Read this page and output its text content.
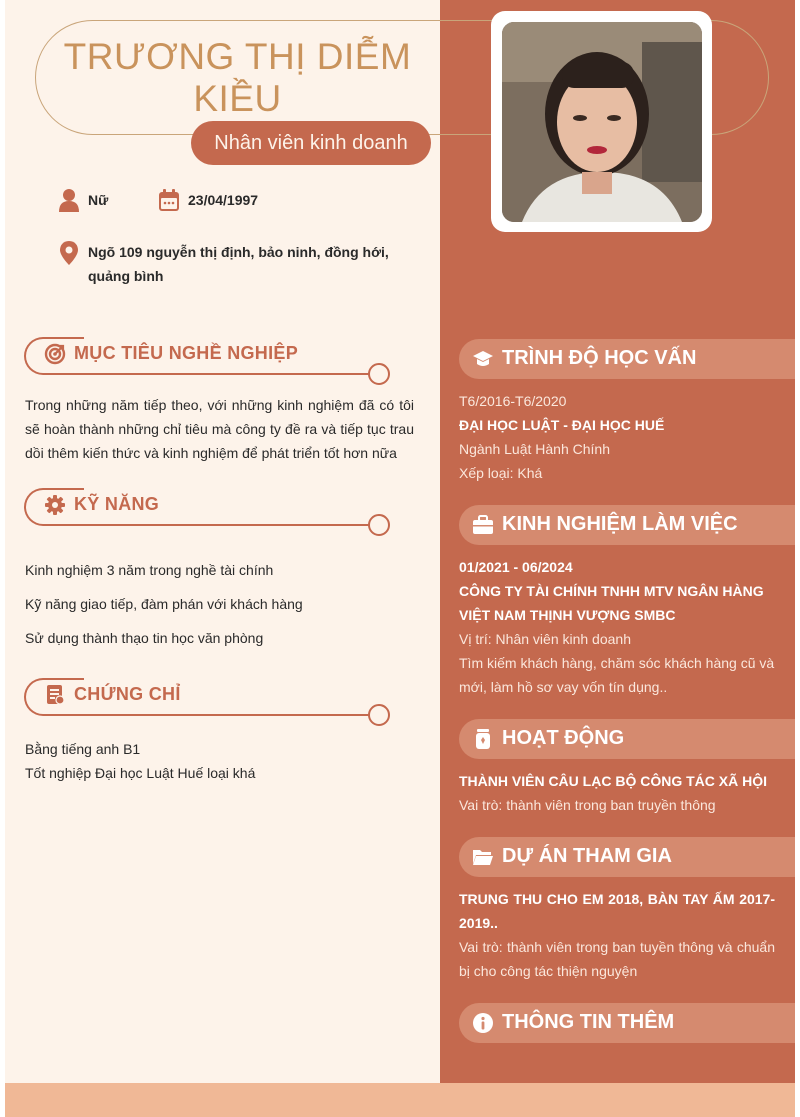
TRƯƠNG THỊ DIỄM KIỀU
Nhân viên kinh doanh
Nữ	23/04/1997
Ngõ 109 nguyễn thị định, bảo ninh, đồng hới, quảng bình
MỤC TIÊU NGHỀ NGHIỆP
Trong những năm tiếp theo, với những kinh nghiệm đã có tôi sẽ hoàn thành những chỉ tiêu mà công ty đề ra và tiếp tục trau dồi thêm kiến thức và kinh nghiệm để phát triển tốt hơn nữa
KỸ NĂNG
Kinh nghiệm 3 năm trong nghề tài chính
Kỹ năng giao tiếp, đàm phán với khách hàng
Sử dụng thành thạo tin học văn phòng
CHỨNG CHỈ
Bằng tiếng anh B1
Tốt nghiệp Đại học Luật Huế loại khá
TRÌNH ĐỘ HỌC VẤN
T6/2016-T6/2020
ĐẠI HỌC LUẬT - ĐẠI HỌC HUẾ
Ngành Luật Hành Chính
Xếp loại: Khá
KINH NGHIỆM LÀM VIỆC
01/2021 - 06/2024
CÔNG TY TÀI CHÍNH TNHH MTV NGÂN HÀNG VIỆT NAM THỊNH VƯỢNG SMBC
Vị trí: Nhân viên kinh doanh
Tìm kiếm khách hàng, chăm sóc khách hàng cũ và mới, làm hồ sơ vay vốn tín dụng..
HOẠT ĐỘNG
THÀNH VIÊN CÂU LẠC BỘ CÔNG TÁC XÃ HỘI
Vai trò: thành viên trong ban truyền thông
DỰ ÁN THAM GIA
TRUNG THU CHO EM 2018, BÀN TAY ẤM 2017-2019..
Vai trò: thành viên trong ban tuyền thông và chuẩn bị cho công tác thiện nguyện
THÔNG TIN THÊM
